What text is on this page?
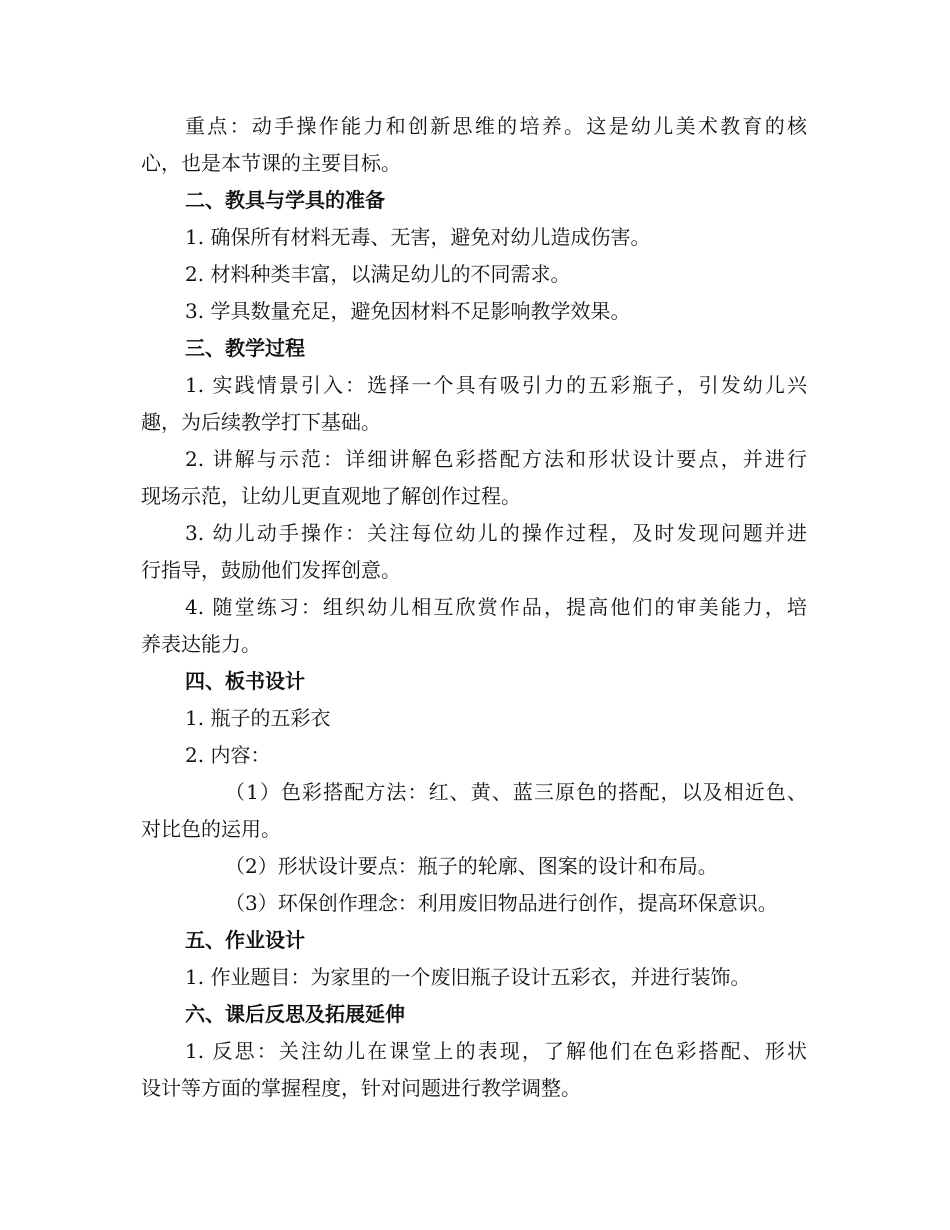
重点：动手操作能力和创新思维的培养。这是幼儿美术教育的核
心，也是本节课的主要目标。
二、教具与学具的准备
1. 确保所有材料无毒、无害，避免对幼儿造成伤害。
2. 材料种类丰富，以满足幼儿的不同需求。
3. 学具数量充足，避免因材料不足影响教学效果。
三、教学过程
1. 实践情景引入：选择一个具有吸引力的五彩瓶子，引发幼儿兴
趣，为后续教学打下基础。
2. 讲解与示范：详细讲解色彩搭配方法和形状设计要点，并进行
现场示范，让幼儿更直观地了解创作过程。
3. 幼儿动手操作：关注每位幼儿的操作过程，及时发现问题并进
行指导，鼓励他们发挥创意。
4. 随堂练习：组织幼儿相互欣赏作品，提高他们的审美能力，培
养表达能力。
四、板书设计
1. 瓶子的五彩衣
2. 内容：
（1）色彩搭配方法：红、黄、蓝三原色的搭配，以及相近色、
对比色的运用。
（2）形状设计要点：瓶子的轮廓、图案的设计和布局。
（3）环保创作理念：利用废旧物品进行创作，提高环保意识。
五、作业设计
1. 作业题目：为家里的一个废旧瓶子设计五彩衣，并进行装饰。
六、课后反思及拓展延伸
1. 反思：关注幼儿在课堂上的表现，了解他们在色彩搭配、形状
设计等方面的掌握程度，针对问题进行教学调整。
